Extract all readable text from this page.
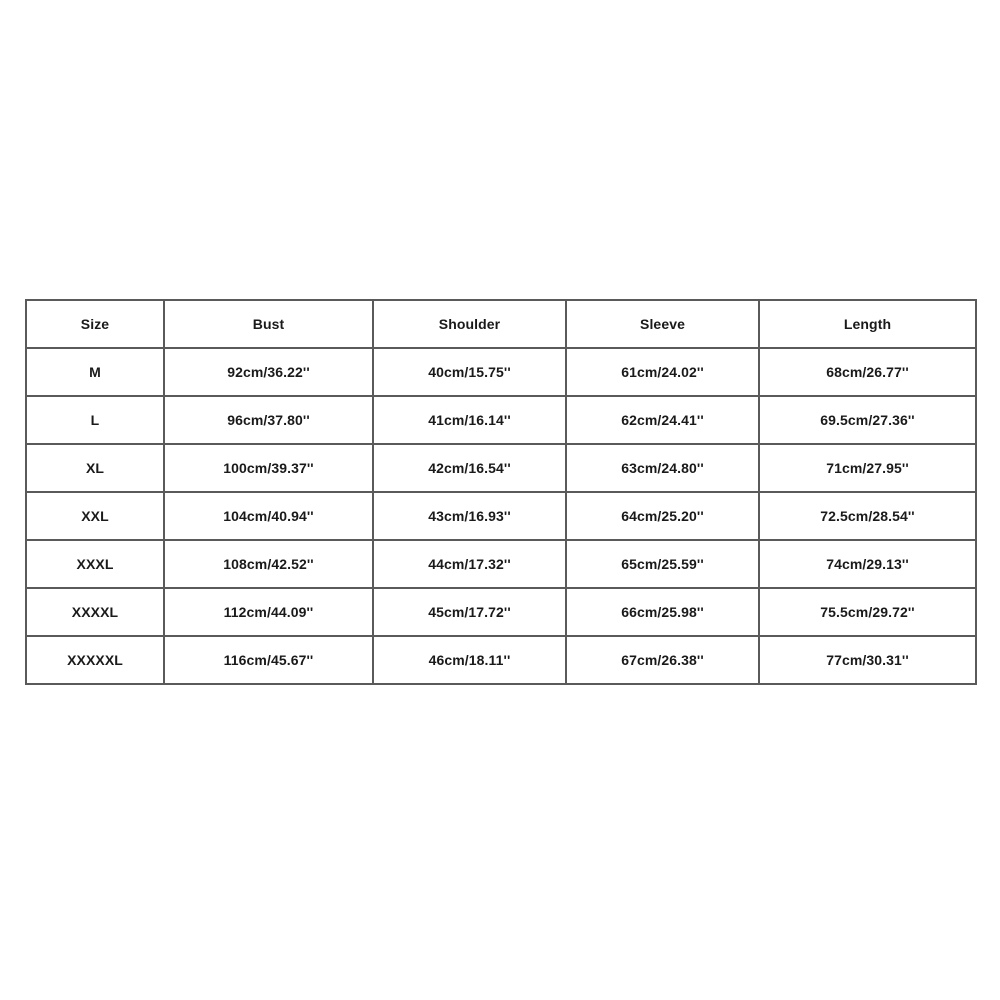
Size	Bust	Shoulder	Sleeve	Length
M	92cm/36.22''	40cm/15.75''	61cm/24.02''	68cm/26.77''
L	96cm/37.80''	41cm/16.14''	62cm/24.41''	69.5cm/27.36''
XL	100cm/39.37''	42cm/16.54''	63cm/24.80''	71cm/27.95''
XXL	104cm/40.94''	43cm/16.93''	64cm/25.20''	72.5cm/28.54''
XXXL	108cm/42.52''	44cm/17.32''	65cm/25.59''	74cm/29.13''
XXXXL	112cm/44.09''	45cm/17.72''	66cm/25.98''	75.5cm/29.72''
XXXXXL	116cm/45.67''	46cm/18.11''	67cm/26.38''	77cm/30.31''
